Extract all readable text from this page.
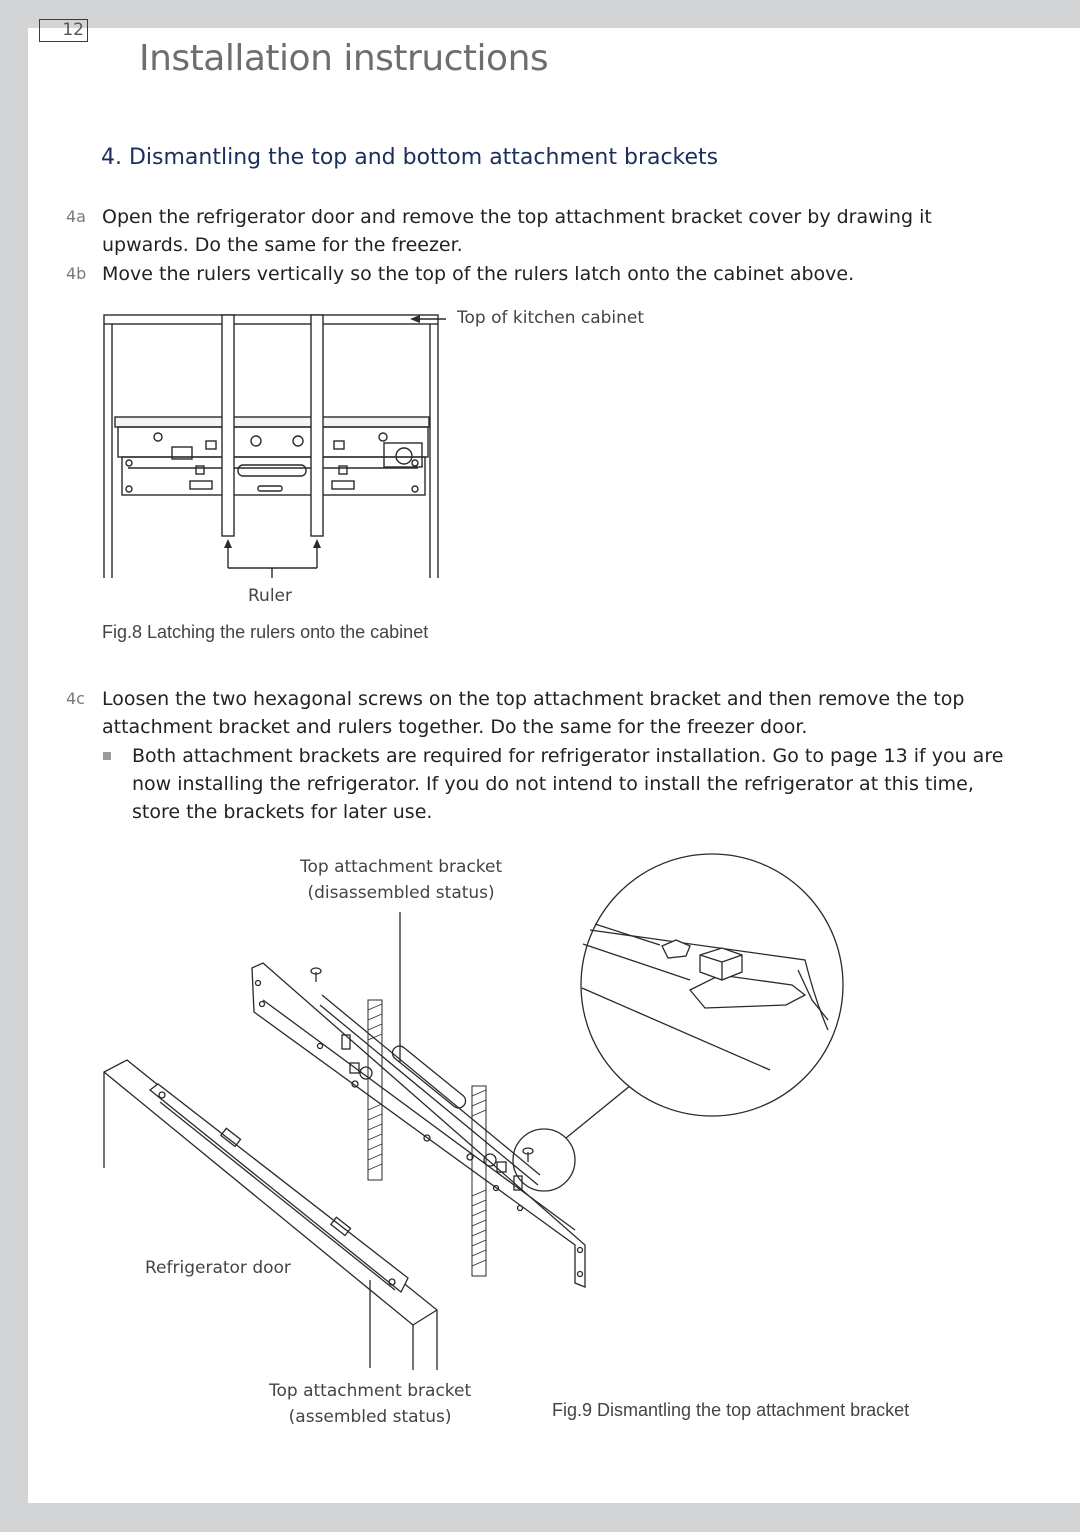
12
Installation instructions
4. Dismantling the top and bottom attachment brackets
4a Open the refrigerator door and remove the top attachment bracket cover by drawing it upwards. Do the same for the freezer.
4b Move the rulers vertically so the top of the rulers latch onto the cabinet above.
Top of kitchen cabinet
Ruler
Fig.8 Latching the rulers onto the cabinet
4c Loosen the two hexagonal screws on the top attachment bracket and then remove the top attachment bracket and rulers together. Do the same for the freezer door.
Both attachment brackets are required for refrigerator installation. Go to page 13 if you are now installing the refrigerator. If you do not intend to install the refrigerator at this time, store the brackets for later use.
Top attachment bracket
(disassembled status)
Refrigerator door
Top attachment bracket
(assembled status)	Fig.9 Dismantling the top attachment bracket
